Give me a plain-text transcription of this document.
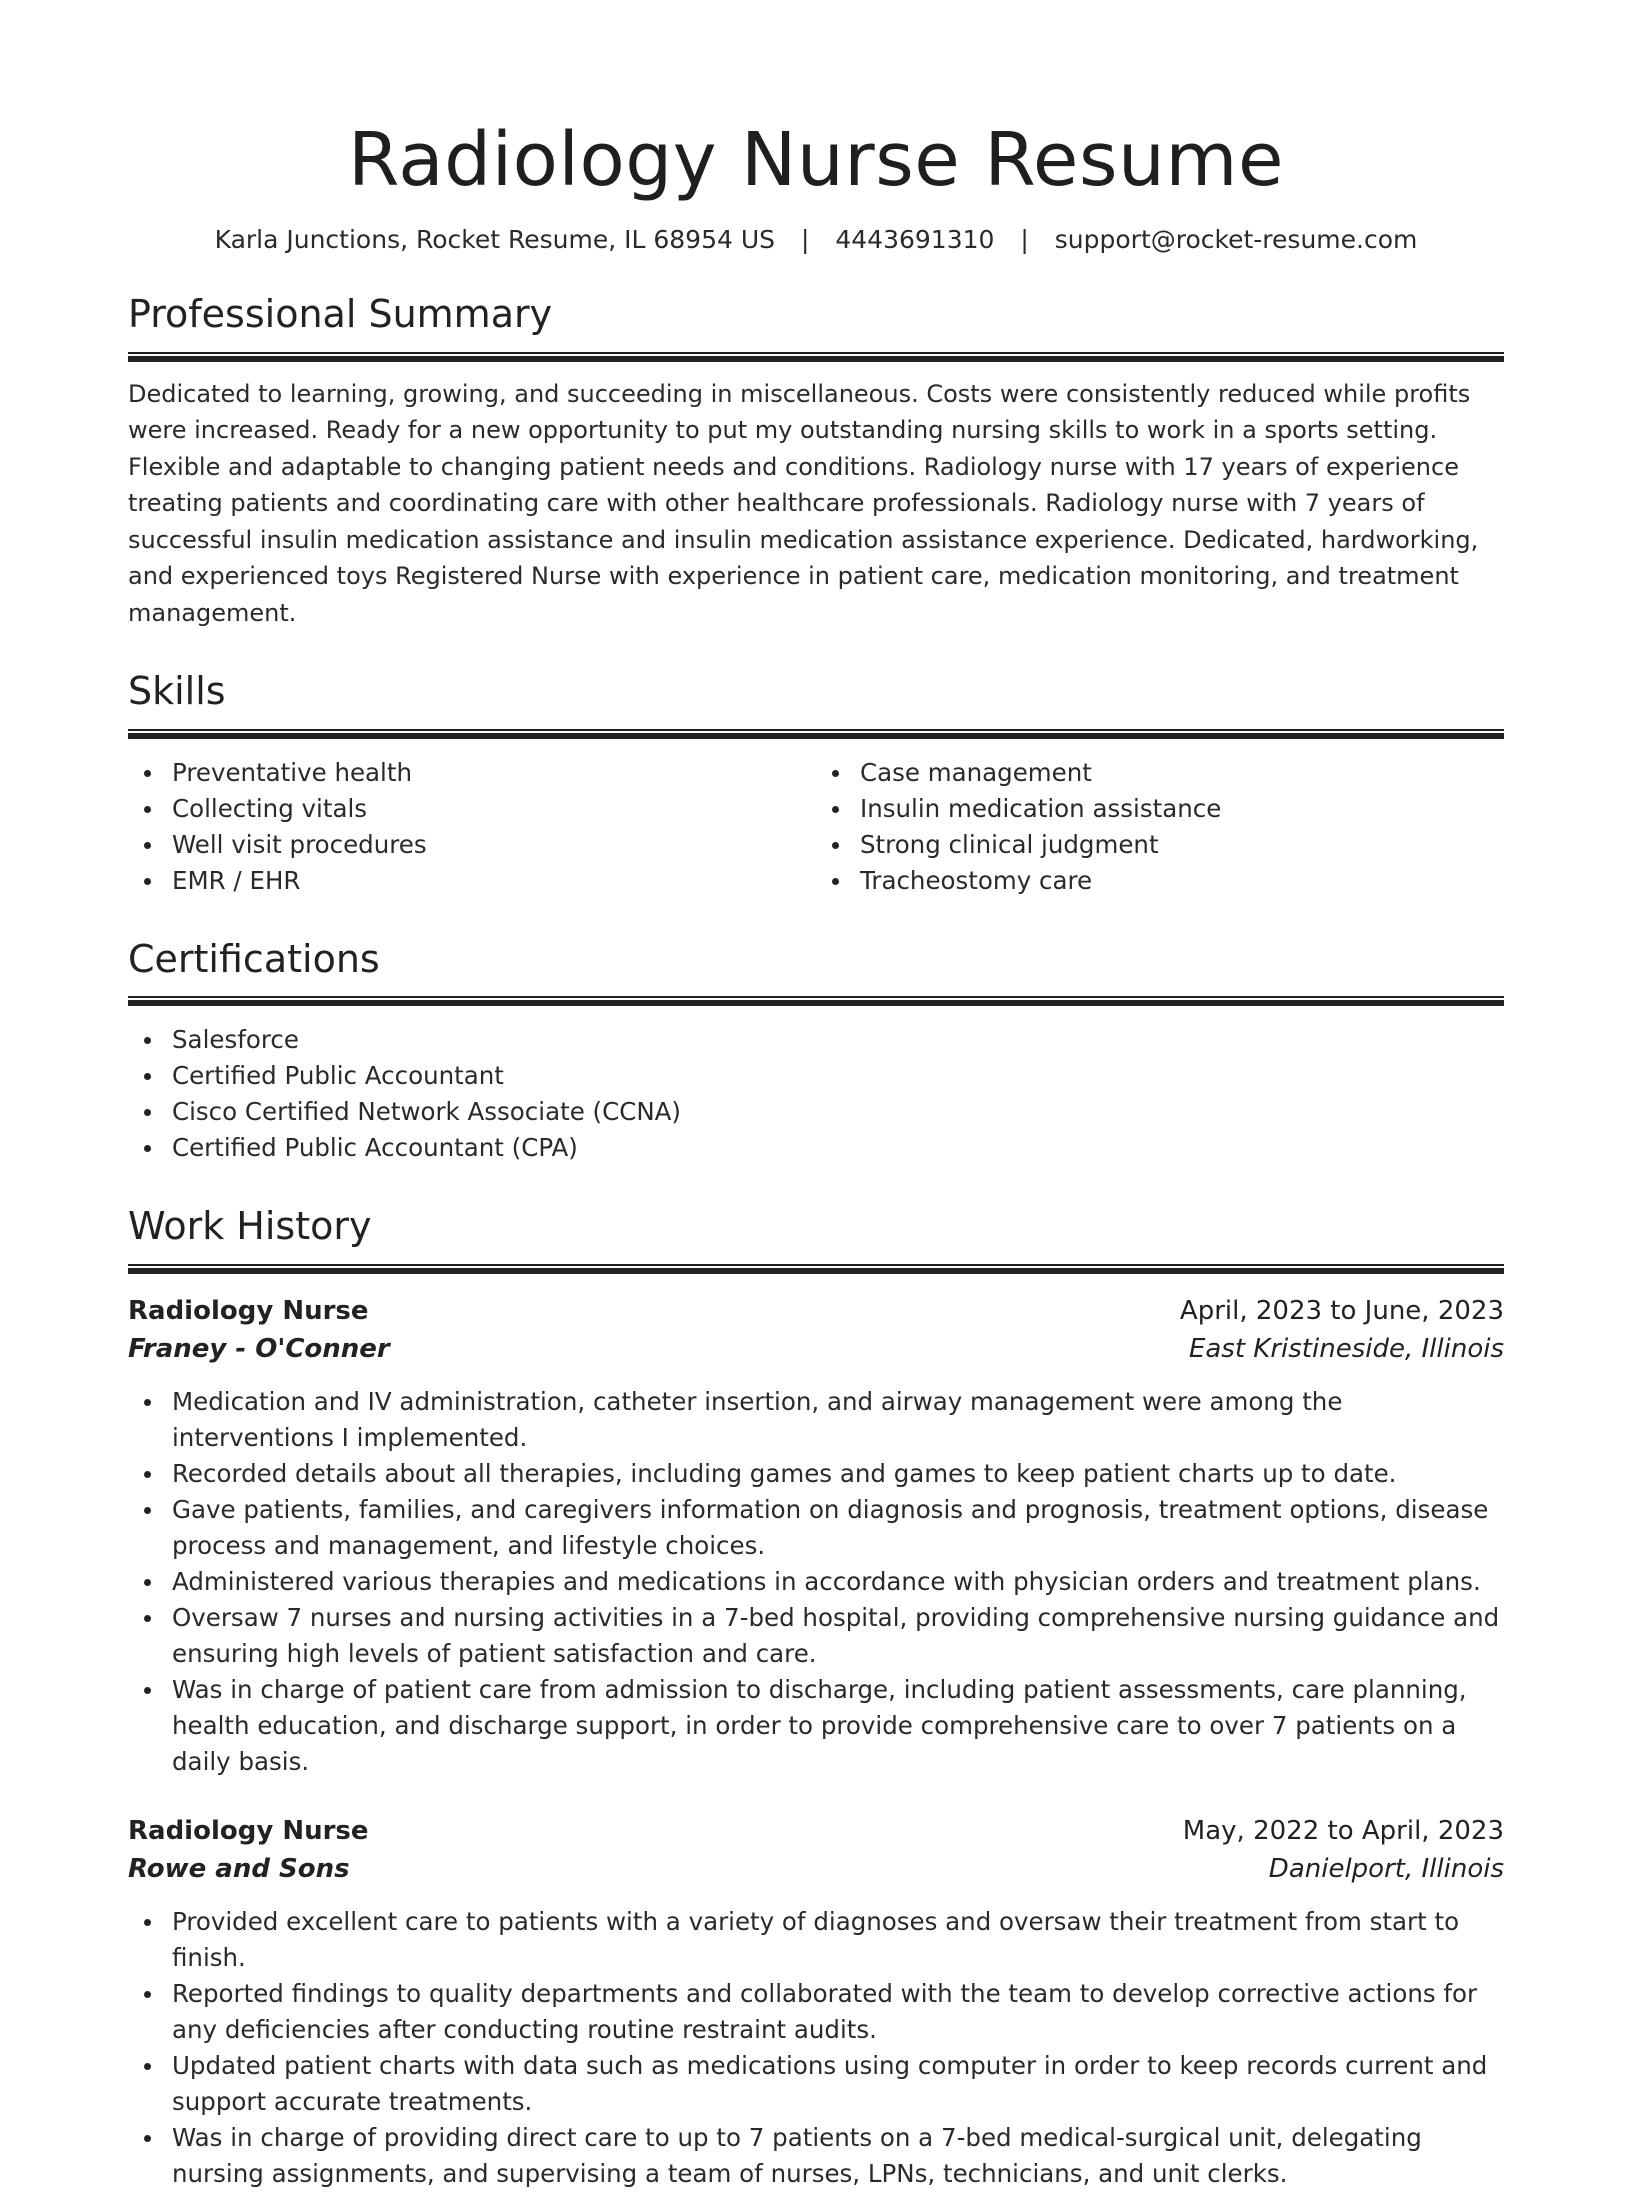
Radiology Nurse Resume
Karla Junctions, Rocket Resume, IL 68954 US | 4443691310 | support@rocket-resume.com
Professional Summary

Dedicated to learning, growing, and succeeding in miscellaneous. Costs were consistently reduced while profits were increased. Ready for a new opportunity to put my outstanding nursing skills to work in a sports setting. Flexible and adaptable to changing patient needs and conditions. Radiology nurse with 17 years of experience treating patients and coordinating care with other healthcare professionals. Radiology nurse with 7 years of successful insulin medication assistance and insulin medication assistance experience. Dedicated, hardworking, and experienced toys Registered Nurse with experience in patient care, medication monitoring, and treatment management.

Skills
Preventative health
Collecting vitals
Well visit procedures
EMR / EHR
Case management
Insulin medication assistance
Strong clinical judgment
Tracheostomy care
Certifications
Salesforce
Certified Public Accountant
Cisco Certified Network Associate (CCNA)
Certified Public Accountant (CPA)
Work History
Radiology Nurse	April, 2023 to June, 2023
Franey - O'Conner	East Kristineside, Illinois
Medication and IV administration, catheter insertion, and airway management were among the interventions I implemented.
Recorded details about all therapies, including games and games to keep patient charts up to date.
Gave patients, families, and caregivers information on diagnosis and prognosis, treatment options, disease process and management, and lifestyle choices.
Administered various therapies and medications in accordance with physician orders and treatment plans.
Oversaw 7 nurses and nursing activities in a 7-bed hospital, providing comprehensive nursing guidance and ensuring high levels of patient satisfaction and care.
Was in charge of patient care from admission to discharge, including patient assessments, care planning, health education, and discharge support, in order to provide comprehensive care to over 7 patients on a daily basis.
Radiology Nurse	May, 2022 to April, 2023
Rowe and Sons	Danielport, Illinois
Provided excellent care to patients with a variety of diagnoses and oversaw their treatment from start to finish.
Reported findings to quality departments and collaborated with the team to develop corrective actions for any deficiencies after conducting routine restraint audits.
Updated patient charts with data such as medications using computer in order to keep records current and support accurate treatments.
Was in charge of providing direct care to up to 7 patients on a 7-bed medical-surgical unit, delegating nursing assignments, and supervising a team of nurses, LPNs, technicians, and unit clerks.
